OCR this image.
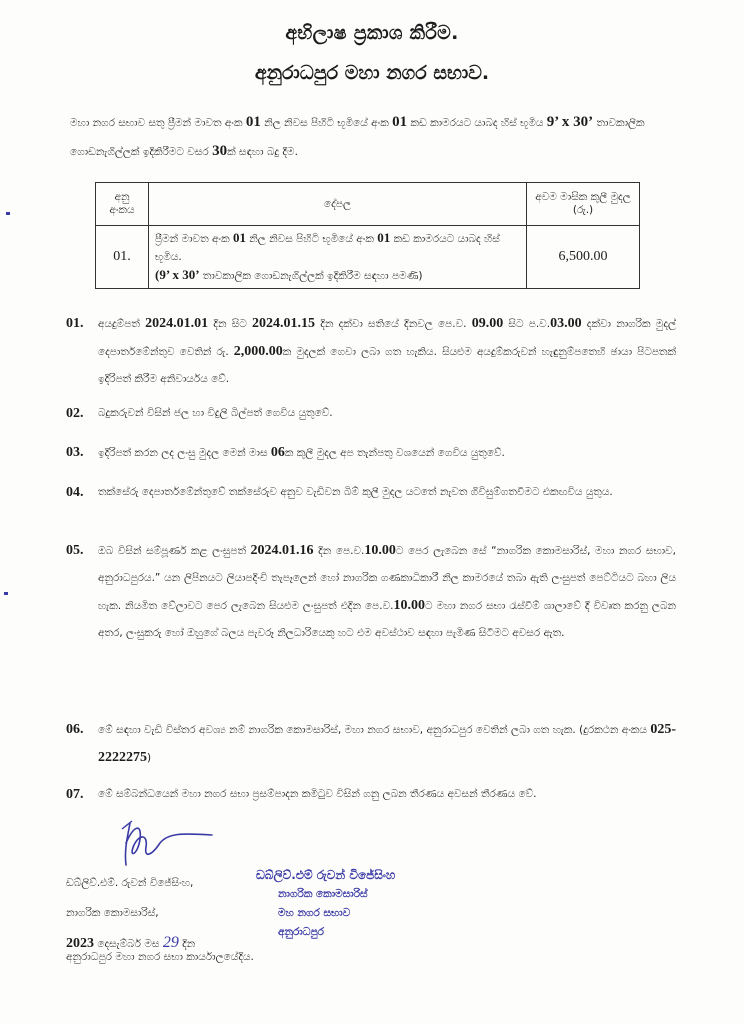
අභිලාෂ ප්‍රකාශ කිරීම.
අනුරාධපුර මහා නගර සභාව.
මහා නගර සභාව සතු ප්‍රීමන් මාවත අංක 01 නිල නිවස පිහිටි භූමියේ අංක 01 කඩ කාමරයට යාබද හිස් භූමිය 9’ x 30’ තාවකාලික ගොඩනැගිල්ලක් ඉදිකිරීමට වසර 30ක් සඳහා බදු දීම.
අනු අංකය	දේපල	අවම මාසික කුලී මුදල (රු.)
01.	ප්‍රීමන් මාවත අංක 01 නිල නිවස පිහිටි භූමියේ අංක 01 කඩ කාමරයට යාබද හිස් භූමිය.
(9’ x 30’ තාවකාලික ගොඩනැගිල්ලක් ඉදිකිරීම සඳහා පමණි)	6,500.00
01. අයදුම්පත් 2024.01.01 දින සිට 2024.01.15 දින දක්වා සතියේ දිනවල පෙ.ව. 09.00 සිට ප.ව.03.00 දක්වා නාගරික මුදල් දෙපාර්තමේන්තුව වෙතින් රු. 2,000.00ක මුදලක් ගෙවා ලබා ගත හැකිය. සියළුම අයදුම්කරුවන් හැඳුනුම්පතෙහි ඡායා පිටපතක් ඉදිරිපත් කිරීම අනිවාර්යය වේ.
02. බදුකරුවන් විසින් ජල හා විදුලි බිල්පත් ගෙවිය යුතුවේ.
03. ඉදිරිපත් කරන ලද ලංසු මුදල මෙන් මාස 06ක කුලී මුදල අප තැන්පතු වශයෙන් ගෙවිය යුතුවේ.
04. තක්සේරු දෙපාර්තමේන්තුවේ තක්සේරුව අනුව වැඩිවන බිම් කුලී මුදල යටතේ නැවත ගිවිසුම්ගතවීමට එකඟවිය යුතුය.
05. ඔබ විසින් සම්පූර්ණ කළ ලංසුපත් 2024.01.16 දින පෙ.ව.10.00ට පෙර ලැබෙන සේ “නාගරික කොමසාරිස්, මහා නගර සභාව, අනුරාධපුරය.” යන ලිපිනයට ලියාපදිංචි තැපෑලෙන් හෝ නාගරික ගණකාධිකාරී නිල කාමරයේ තබා ඇති ලංසුපත් පෙට්ටියට බහා ලිය හැක. නියමිත වේලාවට පෙර ලැබෙන සියළුම ලංසුපත් එදින පෙ.ව.10.00ට මහා නගර සභා රැස්වීම් ශාලාවේ දී විවෘත කරනු ලබන අතර, ලංසුකරු හෝ ඔහුගේ බලය පැවරූ නිලධාරියෙකු හට එම අවස්ථාව සඳහා පැමිණ සිටීමට අවසර ඇත.
06. මේ සඳහා වැඩි විස්තර අවශ්‍ය නම් නාගරික කොමසාරිස්, මහා නගර සභාව, අනුරාධපුර වෙතින් ලබා ගත හැක. (දුරකථන අංකය 025-2222275)
07. මේ සම්බන්ධයෙන් මහා නගර සභා ප්‍රසම්පාදන කමිටුව විසින් ගනු ලබන තීරණය අවසන් තීරණය වේ.
ඩබ්ලිව්.එම්. රුවන් විජේසිංහ,
නාගරික කොමසාරිස්,
2023 දෙසැම්බර් මස 29 දින
ඩබ්ලිව්.එම් රුවන් විජේසිංහ
නාගරික කොමසාරිස්
මහ නගර සභාව
අනුරාධපුර
අනුරාධපුර මහා නගර සභා කාර්යාලයේදිය.
